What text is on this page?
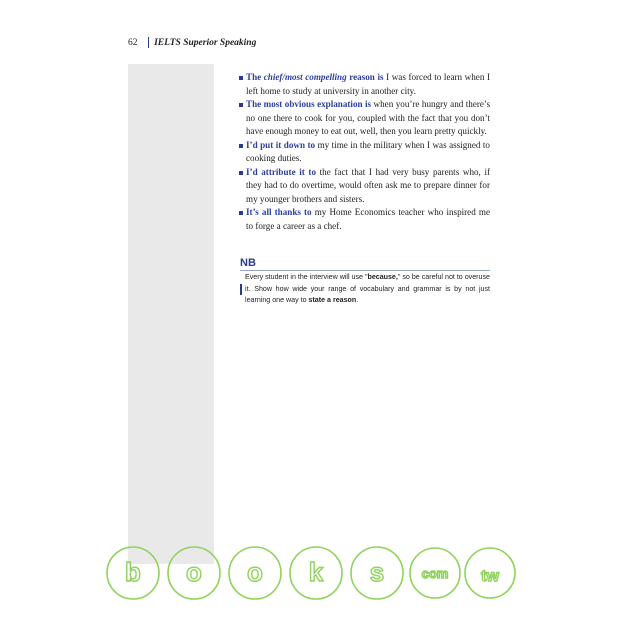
62 IELTS Superior Speaking

The chief/most compelling reason is I was forced to learn when I left home to study at university in another city.

The most obvious explanation is when you’re hungry and there’s no one there to cook for you, coupled with the fact that you don’t have enough money to eat out, well, then you learn pretty quickly.

I’d put it down to my time in the military when I was assigned to cooking duties.

I’d attribute it to the fact that I had very busy parents who, if they had to do overtime, would often ask me to prepare dinner for my younger brothers and sisters.

It’s all thanks to my Home Economics teacher who inspired me to forge a career as a chef.

NB
Every student in the interview will use "because," so be careful not to overuse it. Show how wide your range of vocabulary and grammar is by not just learning one way to state a reason.
b o o k s	com tw
